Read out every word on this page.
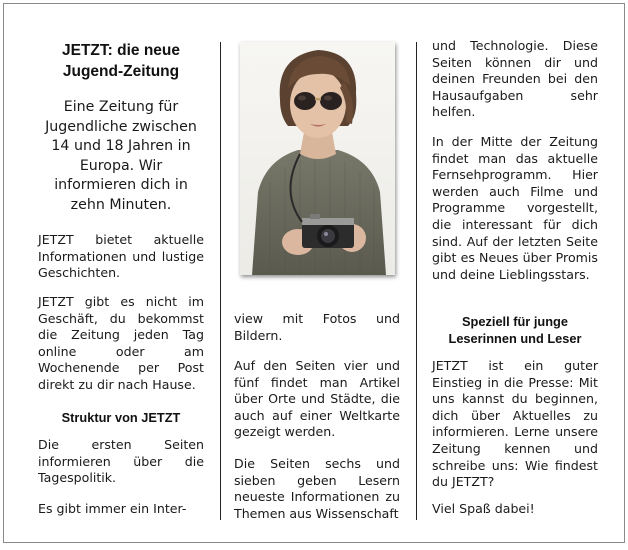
JETZT: die neue Jugend-Zeitung

Eine Zeitung für Jugendliche zwischen 14 und 18 Jahren in Europa. Wir informieren dich in zehn Minuten.

JETZT bietet aktuelle Informationen und lustige Geschichten.

JETZT gibt es nicht im Geschäft, du bekommst die Zeitung jeden Tag online oder am Wochenende per Post direkt zu dir nach Hause.

Struktur von JETZT

Die ersten Seiten informieren über die Tagespolitik.

Es gibt immer ein Inter-

view mit Fotos und Bildern.

Auf den Seiten vier und fünf findet man Artikel über Orte und Städte, die auch auf einer Weltkarte gezeigt werden.

Die Seiten sechs und sieben geben Lesern neueste Informationen zu Themen aus Wissenschaft

und Technologie. Diese Seiten können dir und deinen Freunden bei den Hausaufgaben sehr helfen.

In der Mitte der Zeitung findet man das aktuelle Fernsehprogramm. Hier werden auch Filme und Programme vorgestellt, die interessant für dich sind. Auf der letzten Seite gibt es Neues über Promis und deine Lieblingsstars.

Speziell für junge Leserinnen und Leser

JETZT ist ein guter Einstieg in die Presse: Mit uns kannst du beginnen, dich über Aktuelles zu informieren. Lerne unsere Zeitung kennen und schreibe uns: Wie findest du JETZT?

Viel Spaß dabei!
